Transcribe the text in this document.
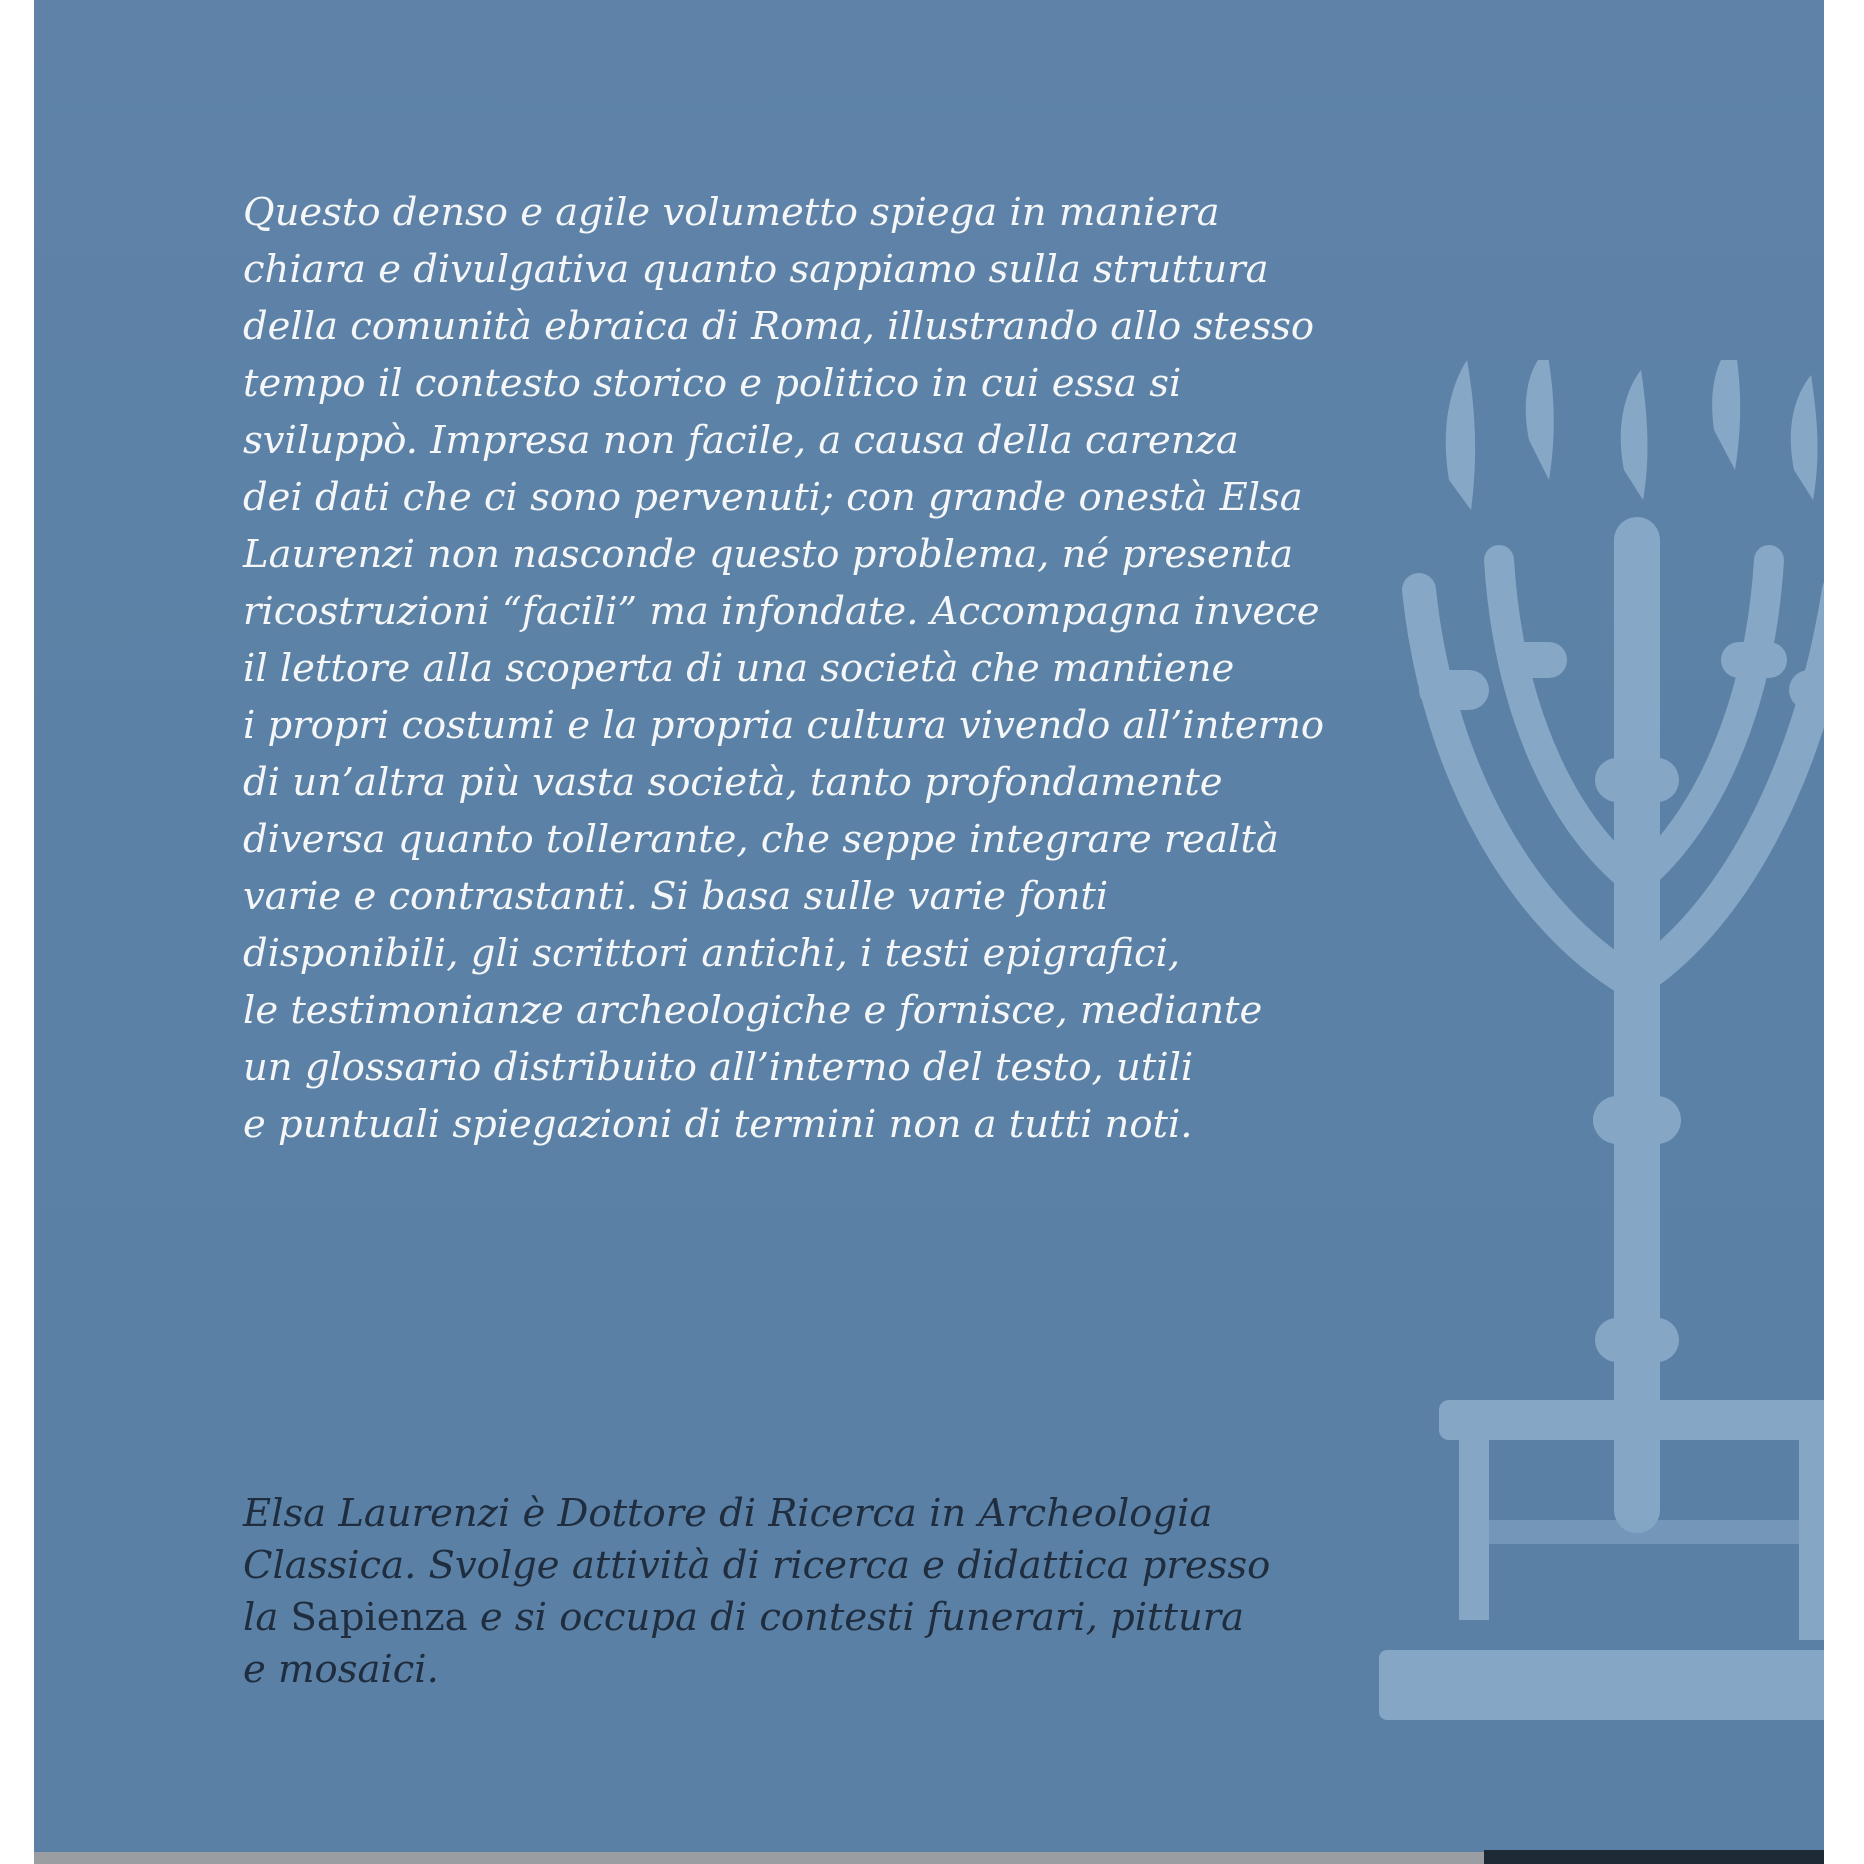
Questo denso e agile volumetto spiega in maniera
chiara e divulgativa quanto sappiamo sulla struttura
della comunità ebraica di Roma, illustrando allo stesso
tempo il contesto storico e politico in cui essa si
sviluppò. Impresa non facile, a causa della carenza
dei dati che ci sono pervenuti; con grande onestà Elsa
Laurenzi non nasconde questo problema, né presenta
ricostruzioni “facili” ma infondate. Accompagna invece
il lettore alla scoperta di una società che mantiene
i propri costumi e la propria cultura vivendo all’interno
di un’altra più vasta società, tanto profondamente
diversa quanto tollerante, che seppe integrare realtà
varie e contrastanti. Si basa sulle varie fonti
disponibili, gli scrittori antichi, i testi epigrafici,
le testimonianze archeologiche e fornisce, mediante
un glossario distribuito all’interno del testo, utili
e puntuali spiegazioni di termini non a tutti noti.
Elsa Laurenzi è Dottore di Ricerca in Archeologia
Classica. Svolge attività di ricerca e didattica presso
la Sapienza e si occupa di contesti funerari, pittura
e mosaici.
